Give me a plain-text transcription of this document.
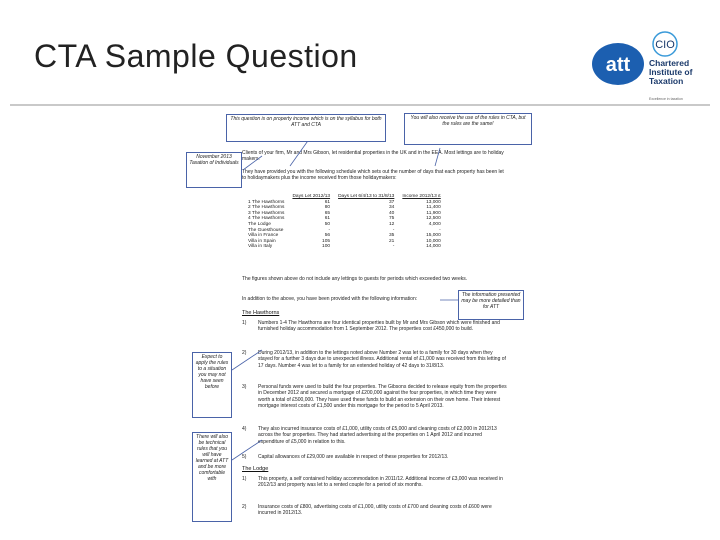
CTA Sample Question	att
CIO
Chartered
Institute of
Taxation
Excellence in taxation
Clients of your firm, Mr and Mrs Gibson, let residential properties in the UK and in the EEA. Most lettings are to holiday makers.
They have provided you with the following schedule which sets out the number of days that each property has been let to holidaymakers plus the income received from those holidaymakers:
	Days Let 2012/13	Days Let 6/4/13 to 31/8/13	Income 2012/13 £
1 The Hawthorns	61	37	13,000
2 The Hawthorns	80	34	11,400
3 The Hawthorns	65	40	11,900
4 The Hawthorns	61	75	12,500
The Lodge	50	12	4,000
The Guesthouse	-	-	-
Villa in France	56	35	15,000
Villa in Spain	105	21	10,000
Villa in Italy	100	-	14,000
The figures shown above do not include any lettings to guests for periods which exceeded two weeks.
In addition to the above, you have been provided with the following information:
The Hawthorns
1) Numbers 1-4 The Hawthorns are four identical properties built by Mr and Mrs Gibson which were finished and furnished holiday accommodation from 1 September 2012. The properties cost £450,000 to build.
2) During 2012/13, in addition to the lettings noted above Number 2 was let to a family for 30 days when they stayed for a further 3 days due to unexpected illness. Additional rental of £1,000 was received from this letting of 17 days. Number 4 was let to a family for an extended holiday of 42 days to 31/8/13.
3) Personal funds were used to build the four properties. The Gibsons decided to release equity from the properties in December 2012 and secured a mortgage of £200,000 against the four properties, in which time they were worth a total of £500,000. They have used these funds to build an extension on their own home. Their interest mortgage interest costs of £1,500 under this mortgage for the period to 5 April 2013.
4) They also incurred insurance costs of £1,000, utility costs of £5,000 and cleaning costs of £2,000 in 2012/13 across the four properties. They had started advertising at the properties on 1 April 2012 and incurred expenditure of £5,000 in relation to this.
5) Capital allowances of £29,000 are available in respect of these properties for 2012/13.
The Lodge
1) This property, a self contained holiday accommodation in 2011/12. Additional income of £3,000 was received in 2012/13 and property was let to a rented couple for a period of six months.
2) Insurance costs of £800, advertising costs of £1,000, utility costs of £700 and cleaning costs of £600 were incurred in 2012/13.
This question is on property income which is on the syllabus for both ATT and CTA
You will also receive the use of the rules in CTA, but the rules are the same!
November 2013 Taxation of Individuals
The information presented may be more detailed than for ATT
Expect to apply the rules to a situation you may not have seen before
There will also be technical rules that you will have learned at ATT and be more comfortable with
